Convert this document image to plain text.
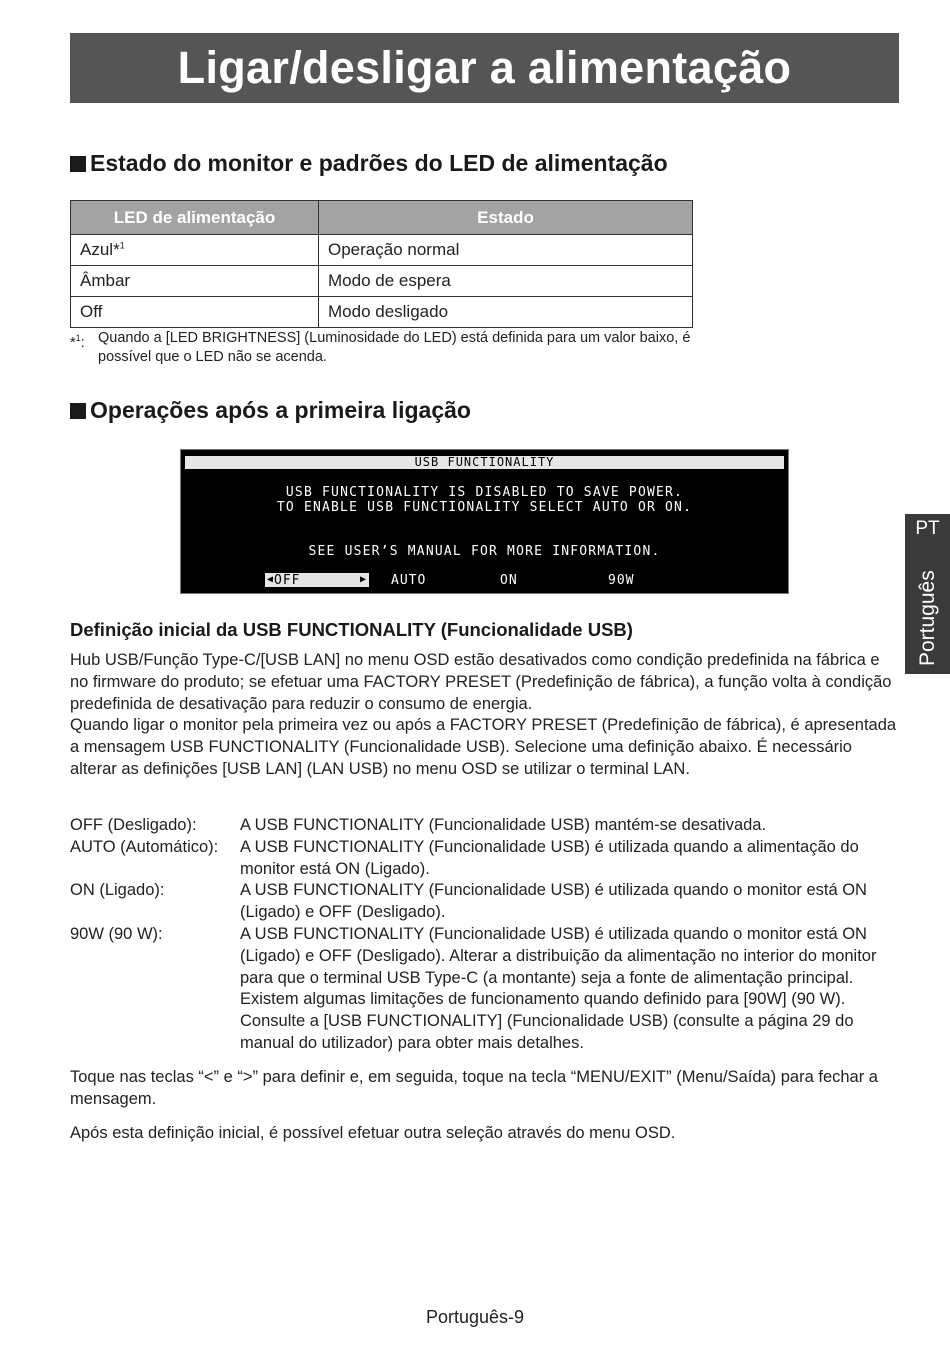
Ligar/desligar a alimentação
Estado do monitor e padrões do LED de alimentação
LED de alimentação	Estado
Azul*$^1$	Operação normal
Âmbar	Modo de espera
Off	Modo desligado
*$^1$: Quando a [LED BRIGHTNESS] (Luminosidade do LED) está definida para um valor baixo, é possível que o LED não se acenda.
Operações após a primeira ligação
USB FUNCTIONALITY
USB FUNCTIONALITY IS DISABLED TO SAVE POWER.
TO ENABLE USB FUNCTIONALITY SELECT AUTO OR ON.
SEE USER’S MANUAL FOR MORE INFORMATION.
◀ OFF	▶ AUTO	ON	90W
Definição inicial da USB FUNCTIONALITY (Funcionalidade USB)

Hub USB/Função Type-C/[USB LAN] no menu OSD estão desativados como condição predefinida na fábrica e no firmware do produto; se efetuar uma FACTORY PRESET (Predefinição de fábrica), a função volta à condição predefinida de desativação para reduzir o consumo de energia.

Quando ligar o monitor pela primeira vez ou após a FACTORY PRESET (Predefinição de fábrica), é apresentada a mensagem USB FUNCTIONALITY (Funcionalidade USB). Selecione uma definição abaixo. É necessário alterar as definições [USB LAN] (LAN USB) no menu OSD se utilizar o terminal LAN.

OFF (Desligado):	A USB FUNCTIONALITY (Funcionalidade USB) mantém-se desativada.
AUTO (Automático):	A USB FUNCTIONALITY (Funcionalidade USB) é utilizada quando a alimentação do monitor está ON (Ligado).
ON (Ligado):	A USB FUNCTIONALITY (Funcionalidade USB) é utilizada quando o monitor está ON (Ligado) e OFF (Desligado).
90W (90 W):	A USB FUNCTIONALITY (Funcionalidade USB) é utilizada quando o monitor está ON (Ligado) e OFF (Desligado). Alterar a distribuição da alimentação no interior do monitor para que o terminal USB Type-C (a montante) seja a fonte de alimentação principal. Existem algumas limitações de funcionamento quando definido para [90W] (90 W). Consulte a [USB FUNCTIONALITY] (Funcionalidade USB) (consulte a página 29 do manual do utilizador) para obter mais detalhes.

Toque nas teclas “<” e “>” para definir e, em seguida, toque na tecla “MENU/EXIT” (Menu/Saída) para fechar a mensagem.

Após esta definição inicial, é possível efetuar outra seleção através do menu OSD.

PT
Português
Português-9
